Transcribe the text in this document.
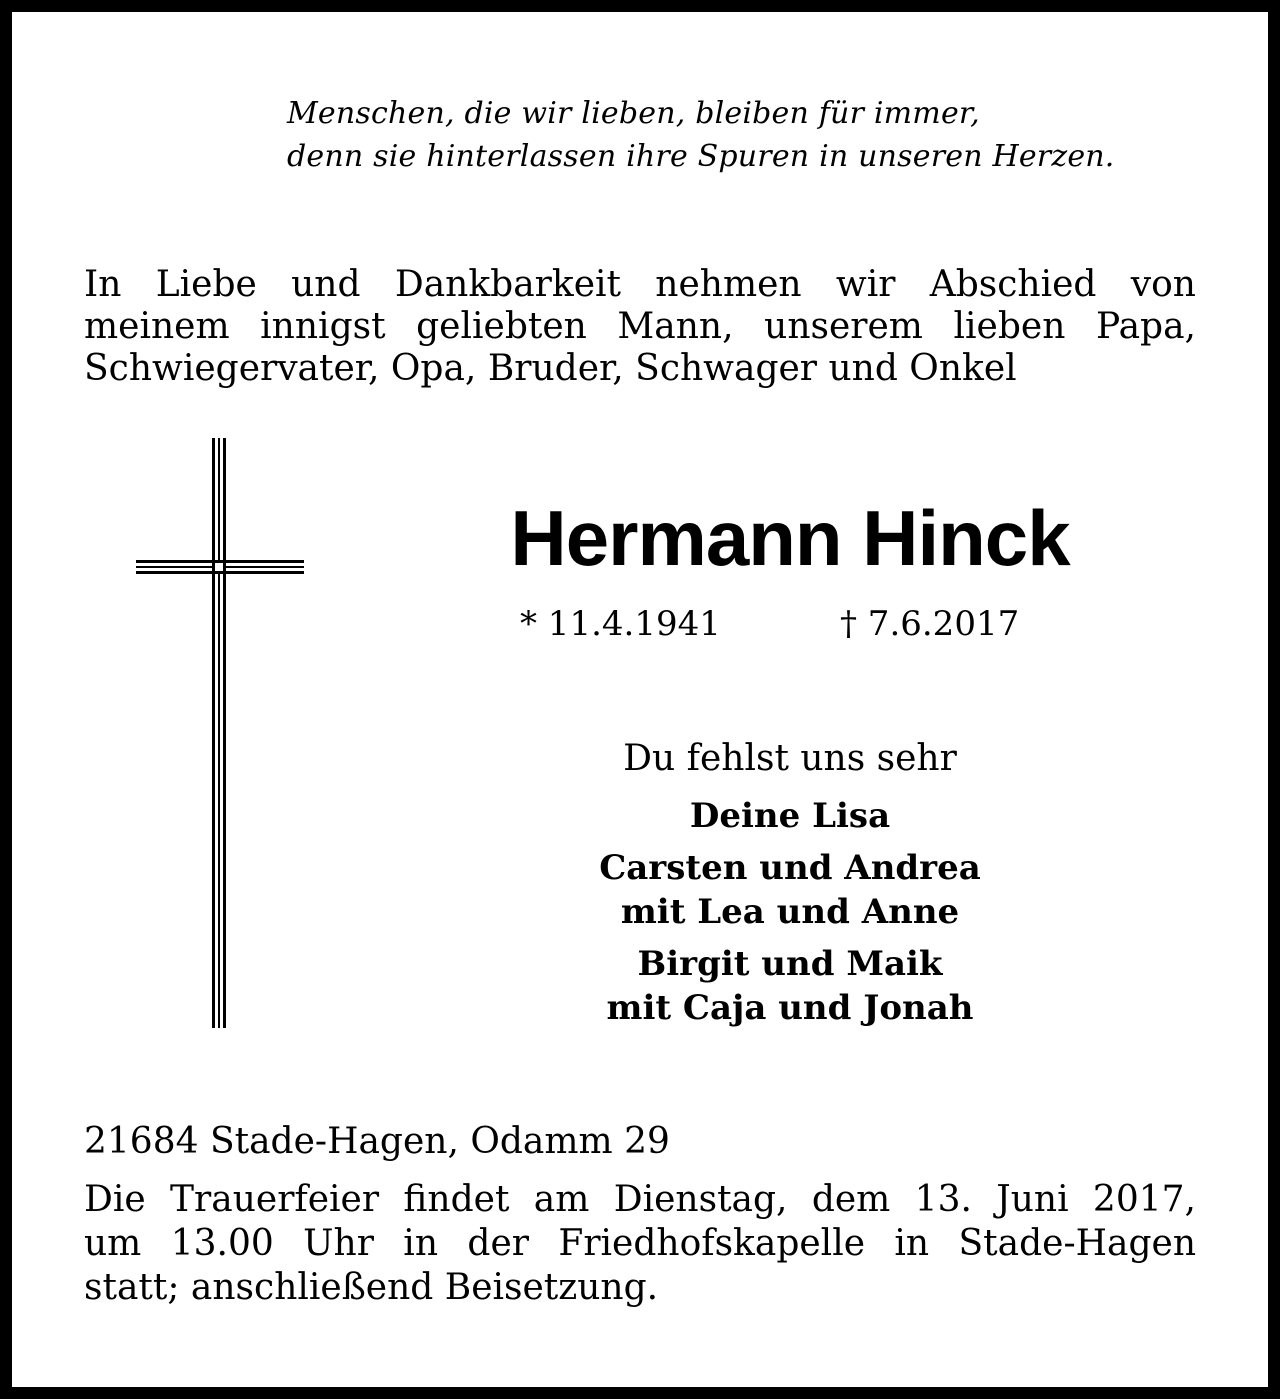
Menschen, die wir lieben, bleiben für immer,
denn sie hinterlassen ihre Spuren in unseren Herzen.
In Liebe und Dankbarkeit nehmen wir Abschied von
meinem innigst geliebten Mann, unserem lieben Papa,
Schwiegervater, Opa, Bruder, Schwager und Onkel
Hermann Hinck
* 11.4.1941	† 7.6.2017
Du fehlst uns sehr
Deine Lisa
Carsten und Andrea
mit Lea und Anne
Birgit und Maik
mit Caja und Jonah
21684 Stade-Hagen, Odamm 29
Die Trauerfeier findet am Dienstag, dem 13. Juni 2017,
um 13.00 Uhr in der Friedhofskapelle in Stade-Hagen
statt; anschließend Beisetzung.
